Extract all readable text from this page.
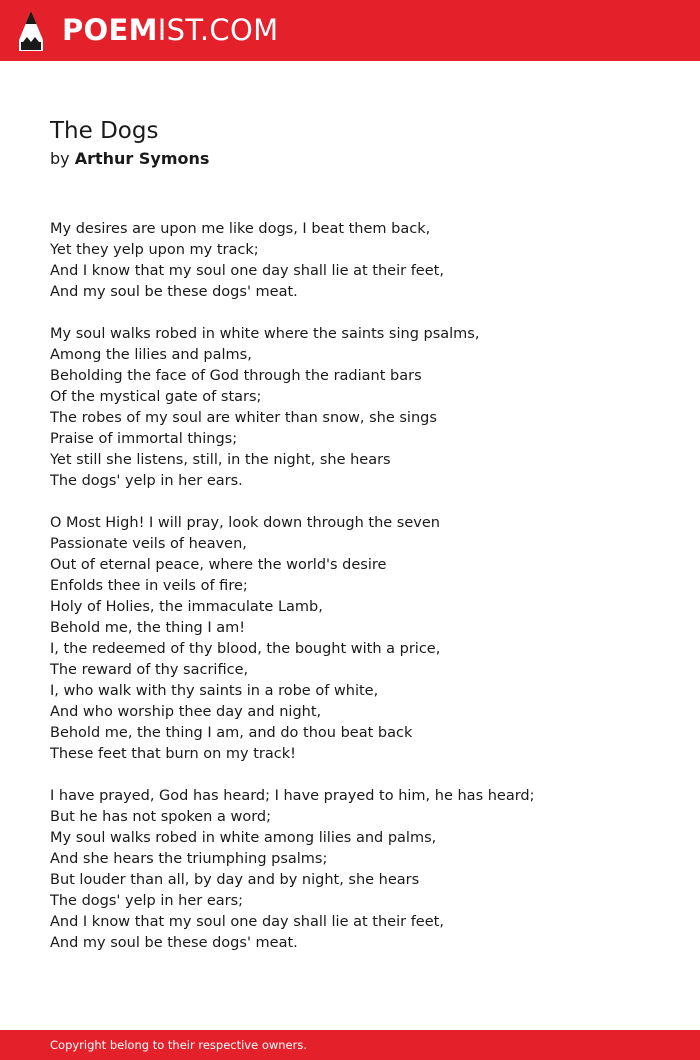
POEMIST.COM
The Dogs
by Arthur Symons
My desires are upon me like dogs, I beat them back,
Yet they yelp upon my track;
And I know that my soul one day shall lie at their feet,
And my soul be these dogs' meat.
My soul walks robed in white where the saints sing psalms,
Among the lilies and palms,
Beholding the face of God through the radiant bars
Of the mystical gate of stars;
The robes of my soul are whiter than snow, she sings
Praise of immortal things;
Yet still she listens, still, in the night, she hears
The dogs' yelp in her ears.
O Most High! I will pray, look down through the seven
Passionate veils of heaven,
Out of eternal peace, where the world's desire
Enfolds thee in veils of fire;
Holy of Holies, the immaculate Lamb,
Behold me, the thing I am!
I, the redeemed of thy blood, the bought with a price,
The reward of thy sacrifice,
I, who walk with thy saints in a robe of white,
And who worship thee day and night,
Behold me, the thing I am, and do thou beat back
These feet that burn on my track!
I have prayed, God has heard; I have prayed to him, he has heard;
But he has not spoken a word;
My soul walks robed in white among lilies and palms,
And she hears the triumphing psalms;
But louder than all, by day and by night, she hears
The dogs' yelp in her ears;
And I know that my soul one day shall lie at their feet,
And my soul be these dogs' meat.
Copyright belong to their respective owners.
